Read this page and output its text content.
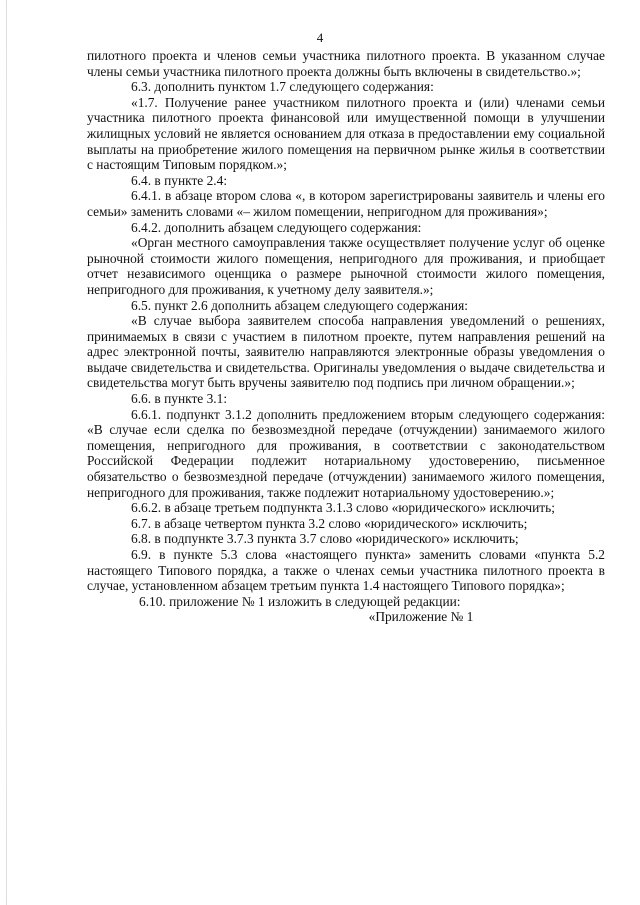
4

пилотного проекта и членов семьи участника пилотного проекта. В указанном случае члены семьи участника пилотного проекта должны быть включены в свидетельство.»;

6.3. дополнить пунктом 1.7 следующего содержания:

«1.7. Получение ранее участником пилотного проекта и (или) членами семьи участника пилотного проекта финансовой или имущественной помощи в улучшении жилищных условий не является основанием для отказа в предоставлении ему социальной выплаты на приобретение жилого помещения на первичном рынке жилья в соответствии с настоящим Типовым порядком.»;

6.4. в пункте 2.4:

6.4.1. в абзаце втором слова «, в котором зарегистрированы заявитель и члены его семьи» заменить словами «– жилом помещении, непригодном для проживания»;

6.4.2. дополнить абзацем следующего содержания:

«Орган местного самоуправления также осуществляет получение услуг об оценке рыночной стоимости жилого помещения, непригодного для проживания, и приобщает отчет независимого оценщика о размере рыночной стоимости жилого помещения, непригодного для проживания, к учетному делу заявителя.»;

6.5. пункт 2.6 дополнить абзацем следующего содержания:

«В случае выбора заявителем способа направления уведомлений о решениях, принимаемых в связи с участием в пилотном проекте, путем направления решений на адрес электронной почты, заявителю направляются электронные образы уведомления о выдаче свидетельства и свидетельства. Оригиналы уведомления о выдаче свидетельства и свидетельства могут быть вручены заявителю под подпись при личном обращении.»;

6.6. в пункте 3.1:

6.6.1. подпункт 3.1.2 дополнить предложением вторым следующего содержания: «В случае если сделка по безвозмездной передаче (отчуждении) занимаемого жилого помещения, непригодного для проживания, в соответствии с законодательством Российской Федерации подлежит нотариальному удостоверению, письменное обязательство о безвозмездной передаче (отчуждении) занимаемого жилого помещения, непригодного для проживания, также подлежит нотариальному удостоверению.»;

6.6.2. в абзаце третьем подпункта 3.1.3 слово «юридического» исключить;

6.7. в абзаце четвертом пункта 3.2 слово «юридического» исключить;

6.8. в подпункте 3.7.3 пункта 3.7 слово «юридического» исключить;

6.9. в пункте 5.3 слова «настоящего пункта» заменить словами «пункта 5.2 настоящего Типового порядка, а также о членах семьи участника пилотного проекта в случае, установленном абзацем третьим пункта 1.4 настоящего Типового порядка»;

6.10. приложение № 1 изложить в следующей редакции:

«Приложение № 1
